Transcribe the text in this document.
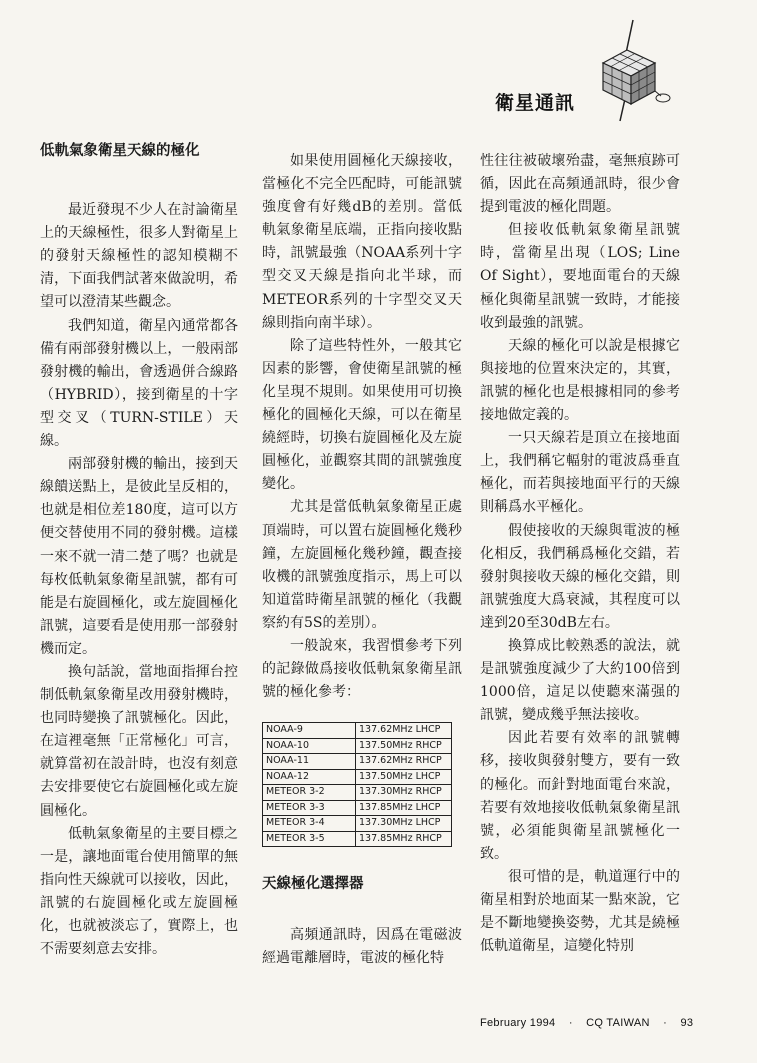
衛星通訊
低軌氣象衛星天線的極化

最近發現不少人在討論衛星上的天線極性，很多人對衛星上的發射天線極性的認知模糊不清，下面我們試著來做說明，希望可以澄清某些觀念。

我們知道，衛星內通常都各備有兩部發射機以上，一般兩部發射機的輸出，會透過併合線路（HYBRID），接到衛星的十字型交叉（TURN-STILE）天線。

兩部發射機的輸出，接到天線饋送點上，是彼此呈反相的，也就是相位差180度，這可以方便交替使用不同的發射機。這樣一來不就一清二楚了嗎？也就是每枚低軌氣象衛星訊號，都有可能是右旋圓極化，或左旋圓極化訊號，這要看是使用那一部發射機而定。

換句話說，當地面指揮台控制低軌氣象衛星改用發射機時，也同時變換了訊號極化。因此，在這裡毫無「正常極化」可言，就算當初在設計時，也沒有刻意去安排要使它右旋圓極化或左旋圓極化。

低軌氣象衛星的主要目標之一是，讓地面電台使用簡單的無指向性天線就可以接收，因此，訊號的右旋圓極化或左旋圓極化，也就被淡忘了，實際上，也不需要刻意去安排。

如果使用圓極化天線接收，當極化不完全匹配時，可能訊號強度會有好幾dB的差別。當低軌氣象衛星底端，正指向接收點時，訊號最強（NOAA系列十字型交叉天線是指向北半球，而METEOR系列的十字型交叉天線則指向南半球）。

除了這些特性外，一般其它因素的影響，會使衛星訊號的極化呈現不規則。如果使用可切換極化的圓極化天線，可以在衛星繞經時，切換右旋圓極化及左旋圓極化，並觀察其間的訊號強度變化。

尤其是當低軌氣象衛星正處頂端時，可以置右旋圓極化幾秒鐘，左旋圓極化幾秒鐘，觀查接收機的訊號強度指示，馬上可以知道當時衛星訊號的極化（我觀察約有5S的差別）。

一般說來，我習慣參考下列的記錄做爲接收低軌氣象衛星訊號的極化參考：

NOAA-9	137.62MHz LHCP
NOAA-10	137.50MHz RHCP
NOAA-11	137.62MHz RHCP
NOAA-12	137.50MHz LHCP
METEOR 3-2	137.30MHz RHCP
METEOR 3-3	137.85MHz LHCP
METEOR 3-4	137.30MHz LHCP
METEOR 3-5	137.85MHz RHCP
天線極化選擇器

高頻通訊時，因爲在電磁波經過電離層時，電波的極化特

性往往被破壞殆盡，毫無痕跡可循，因此在高頻通訊時，很少會提到電波的極化問題。

但接收低軌氣象衛星訊號時，當衛星出現（LOS; Line Of Sight），要地面電台的天線極化與衛星訊號一致時，才能接收到最強的訊號。

天線的極化可以說是根據它與接地的位置來決定的，其實，訊號的極化也是根據相同的參考接地做定義的。

一只天線若是頂立在接地面上，我們稱它輻射的電波爲垂直極化，而若與接地面平行的天線則稱爲水平極化。

假使接收的天線與電波的極化相反，我們稱爲極化交錯，若發射與接收天線的極化交錯，則訊號強度大爲衰減，其程度可以達到20至30dB左右。

換算成比較熟悉的說法，就是訊號強度減少了大約100倍到1000倍，這足以使聽來滿强的訊號，變成幾乎無法接收。

因此若要有效率的訊號轉移，接收與發射雙方，要有一致的極化。而針對地面電台來說，若要有效地接收低軌氣象衛星訊號，必須能與衛星訊號極化一致。

很可惜的是，軌道運行中的衛星相對於地面某一點來說，它是不斷地變換姿勢，尤其是繞極低軌道衛星，這變化特別

February 1994 · CQ TAIWAN · 93
